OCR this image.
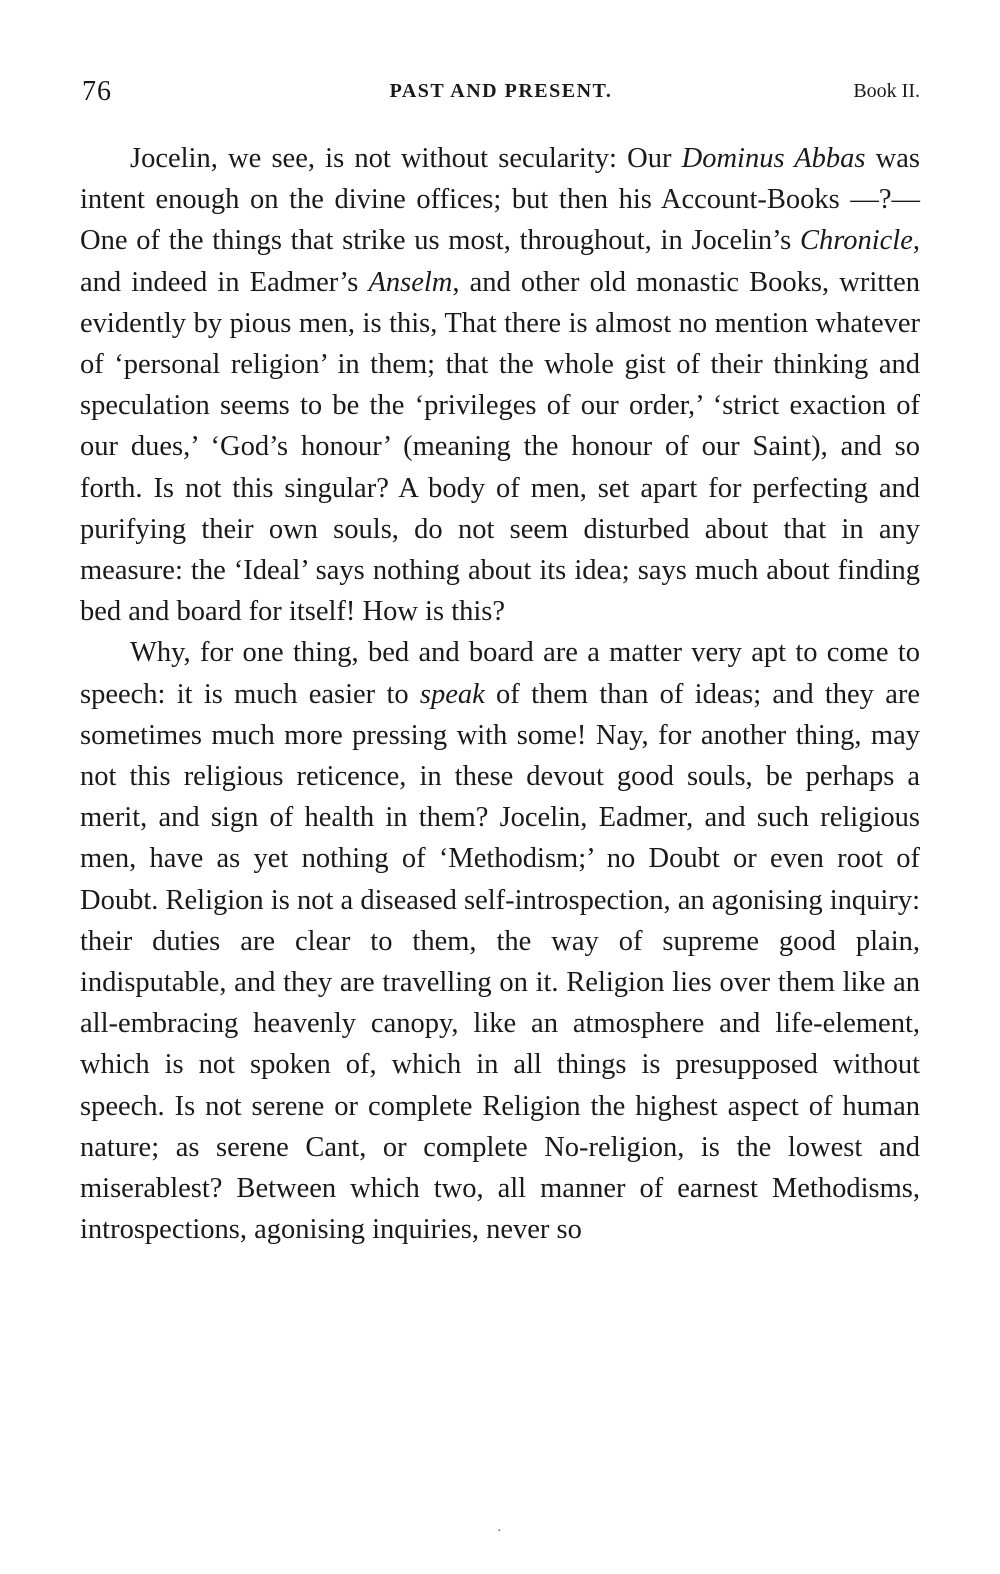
76	PAST AND PRESENT.	Book II.

Jocelin, we see, is not without secularity: Our Dominus Abbas was intent enough on the divine offices; but then his Account-Books —?—One of the things that strike us most, throughout, in Jocelin’s Chronicle, and indeed in Eadmer’s Anselm, and other old monastic Books, written evidently by pious men, is this, That there is almost no mention whatever of ‘personal religion’ in them; that the whole gist of their thinking and speculation seems to be the ‘privileges of our order,’ ‘strict exaction of our dues,’ ‘God’s honour’ (meaning the honour of our Saint), and so forth. Is not this singular? A body of men, set apart for perfecting and purifying their own souls, do not seem disturbed about that in any measure: the ‘Ideal’ says nothing about its idea; says much about finding bed and board for itself! How is this?

Why, for one thing, bed and board are a matter very apt to come to speech: it is much easier to speak of them than of ideas; and they are sometimes much more pressing with some! Nay, for another thing, may not this religious reticence, in these devout good souls, be perhaps a merit, and sign of health in them? Jocelin, Eadmer, and such religious men, have as yet nothing of ‘Methodism;’ no Doubt or even root of Doubt. Religion is not a diseased self-introspection, an agonising inquiry: their duties are clear to them, the way of supreme good plain, indisputable, and they are travelling on it. Religion lies over them like an all-embracing heavenly canopy, like an atmosphere and life-element, which is not spoken of, which in all things is presupposed without speech. Is not serene or complete Religion the highest aspect of human nature; as serene Cant, or complete No-religion, is the lowest and miserablest? Between which two, all manner of earnest Methodisms, introspections, agonising inquiries, never so

·
